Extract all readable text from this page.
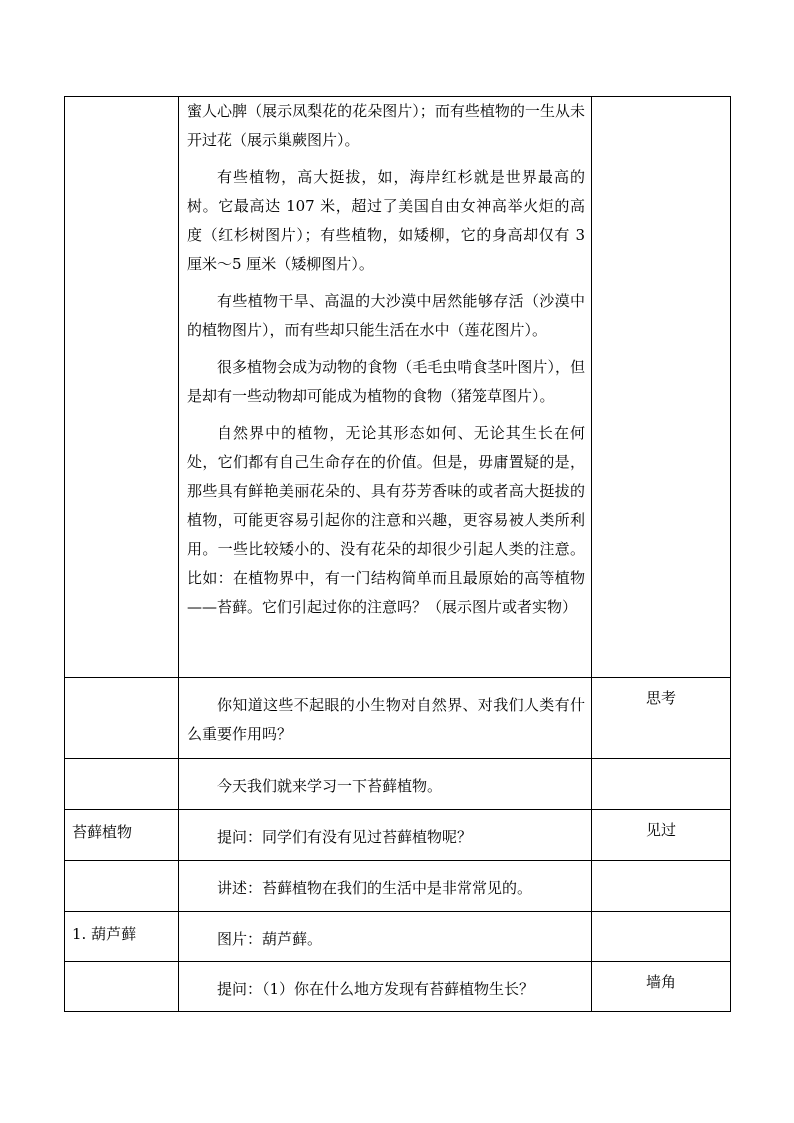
	蜜人心脾（展示凤梨花的花朵图片）；而有些植物的一生从未开过花（展示巢蕨图片）。

有些植物，高大挺拔，如，海岸红杉就是世界最高的树。它最高达 107 米，超过了美国自由女神高举火炬的高度（红杉树图片）；有些植物，如矮柳，它的身高却仅有 3 厘米～5 厘米（矮柳图片）。

有些植物干旱、高温的大沙漠中居然能够存活（沙漠中的植物图片），而有些却只能生活在水中（莲花图片）。

很多植物会成为动物的食物（毛毛虫啃食茎叶图片），但是却有一些动物却可能成为植物的食物（猪笼草图片）。

自然界中的植物，无论其形态如何、无论其生长在何处，它们都有自己生命存在的价值。但是，毋庸置疑的是，那些具有鲜艳美丽花朵的、具有芬芳香味的或者高大挺拔的植物，可能更容易引起你的注意和兴趣，更容易被人类所利用。一些比较矮小的、没有花朵的却很少引起人类的注意。比如：在植物界中，有一门结构简单而且最原始的高等植物——苔藓。它们引起过你的注意吗？（展示图片或者实物）	

	你知道这些不起眼的小生物对自然界、对我们人类有什么重要作用吗？	思考

	今天我们就来学习一下苔藓植物。	

苔藓植物	提问：同学们有没有见过苔藓植物呢？	见过

	讲述：苔藓植物在我们的生活中是非常常见的。	

1. 葫芦藓	图片：葫芦藓。	

	提问：（1）你在什么地方发现有苔藓植物生长？	墙角
